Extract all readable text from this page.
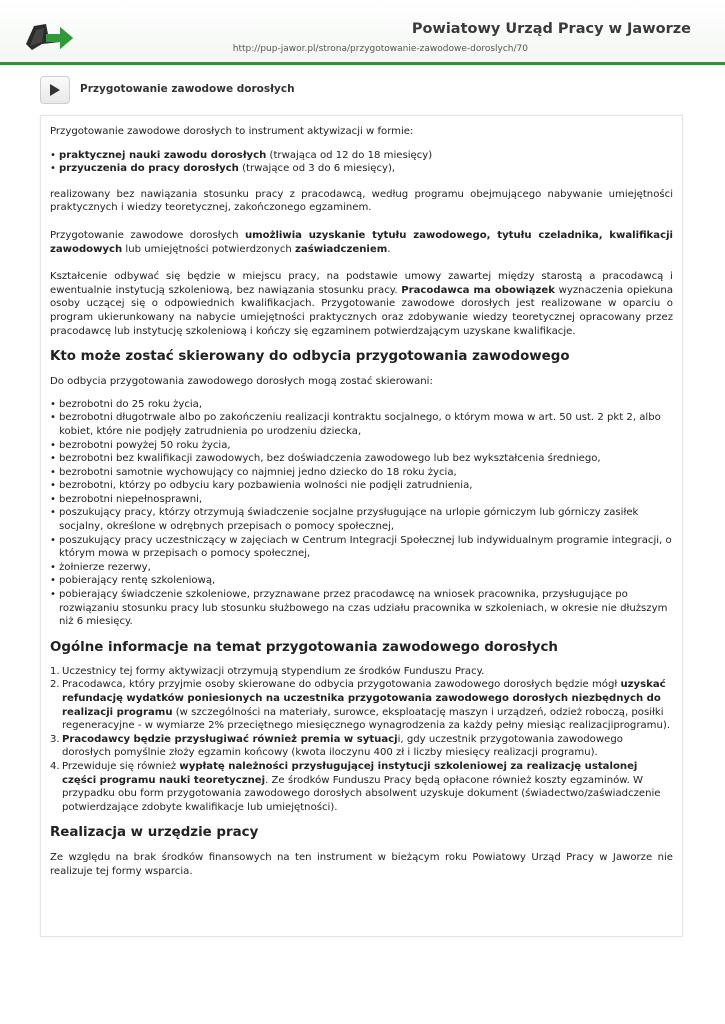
Powiatowy Urząd Pracy w Jaworze
http://pup-jawor.pl/strona/przygotowanie-zawodowe-doroslych/70
Przygotowanie zawodowe dorosłych

Przygotowanie zawodowe dorosłych to instrument aktywizacji w formie:

• praktycznej nauki zawodu dorosłych (trwająca od 12 do 18 miesięcy)
• przyuczenia do pracy dorosłych (trwające od 3 do 6 miesięcy),

realizowany bez nawiązania stosunku pracy z pracodawcą, według programu obejmującego nabywanie umiejętności praktycznych i wiedzy teoretycznej, zakończonego egzaminem.

Przygotowanie zawodowe dorosłych umożliwia uzyskanie tytułu zawodowego, tytułu czeladnika, kwalifikacji zawodowych lub umiejętności potwierdzonych zaświadczeniem.

Kształcenie odbywać się będzie w miejscu pracy, na podstawie umowy zawartej między starostą a pracodawcą i ewentualnie instytucją szkoleniową, bez nawiązania stosunku pracy. Pracodawca ma obowiązek wyznaczenia opiekuna osoby uczącej się o odpowiednich kwalifikacjach. Przygotowanie zawodowe dorosłych jest realizowane w oparciu o program ukierunkowany na nabycie umiejętności praktycznych oraz zdobywanie wiedzy teoretycznej opracowany przez pracodawcę lub instytucję szkoleniową i kończy się egzaminem potwierdzającym uzyskane kwalifikacje.

Kto może zostać skierowany do odbycia przygotowania zawodowego

Do odbycia przygotowania zawodowego dorosłych mogą zostać skierowani:

• bezrobotni do 25 roku życia,
• bezrobotni długotrwale albo po zakończeniu realizacji kontraktu socjalnego, o którym mowa w art. 50 ust. 2 pkt 2, albo kobiet, które nie podjęły zatrudnienia po urodzeniu dziecka,
• bezrobotni powyżej 50 roku życia,
• bezrobotni bez kwalifikacji zawodowych, bez doświadczenia zawodowego lub bez wykształcenia średniego,
• bezrobotni samotnie wychowujący co najmniej jedno dziecko do 18 roku życia,
• bezrobotni, którzy po odbyciu kary pozbawienia wolności nie podjęli zatrudnienia,
• bezrobotni niepełnosprawni,
• poszukujący pracy, którzy otrzymują świadczenie socjalne przysługujące na urlopie górniczym lub górniczy zasiłek socjalny, określone w odrębnych przepisach o pomocy społecznej,
• poszukujący pracy uczestniczący w zajęciach w Centrum Integracji Społecznej lub indywidualnym programie integracji, o którym mowa w przepisach o pomocy społecznej,
• żołnierze rezerwy,
• pobierający rentę szkoleniową,
• pobierający świadczenie szkoleniowe, przyznawane przez pracodawcę na wniosek pracownika, przysługujące po rozwiązaniu stosunku pracy lub stosunku służbowego na czas udziału pracownika w szkoleniach, w okresie nie dłuższym niż 6 miesięcy.
Ogólne informacje na temat przygotowania zawodowego dorosłych
1. Uczestnicy tej formy aktywizacji otrzymują stypendium ze środków Funduszu Pracy.
2. Pracodawca, który przyjmie osoby skierowane do odbycia przygotowania zawodowego dorosłych będzie mógł uzyskać refundację wydatków poniesionych na uczestnika przygotowania zawodowego dorosłych niezbędnych do realizacji programu (w szczególności na materiały, surowce, eksploatację maszyn i urządzeń, odzież roboczą, posiłki regeneracyjne - w wymiarze 2% przeciętnego miesięcznego wynagrodzenia za każdy pełny miesiąc realizacjiprogramu).
3. Pracodawcy będzie przysługiwać również premia w sytuacji, gdy uczestnik przygotowania zawodowego dorosłych pomyślnie złoży egzamin końcowy (kwota iloczynu 400 zł i liczby miesięcy realizacji programu).
4. Przewiduje się również wypłatę należności przysługującej instytucji szkoleniowej za realizację ustalonej części programu nauki teoretycznej. Ze środków Funduszu Pracy będą opłacone również koszty egzaminów. W przypadku obu form przygotowania zawodowego dorosłych absolwent uzyskuje dokument (świadectwo/zaświadczenie potwierdzające zdobyte kwalifikacje lub umiejętności).
Realizacja w urzędzie pracy

Ze względu na brak środków finansowych na ten instrument w bieżącym roku Powiatowy Urząd Pracy w Jaworze nie realizuje tej formy wsparcia.
